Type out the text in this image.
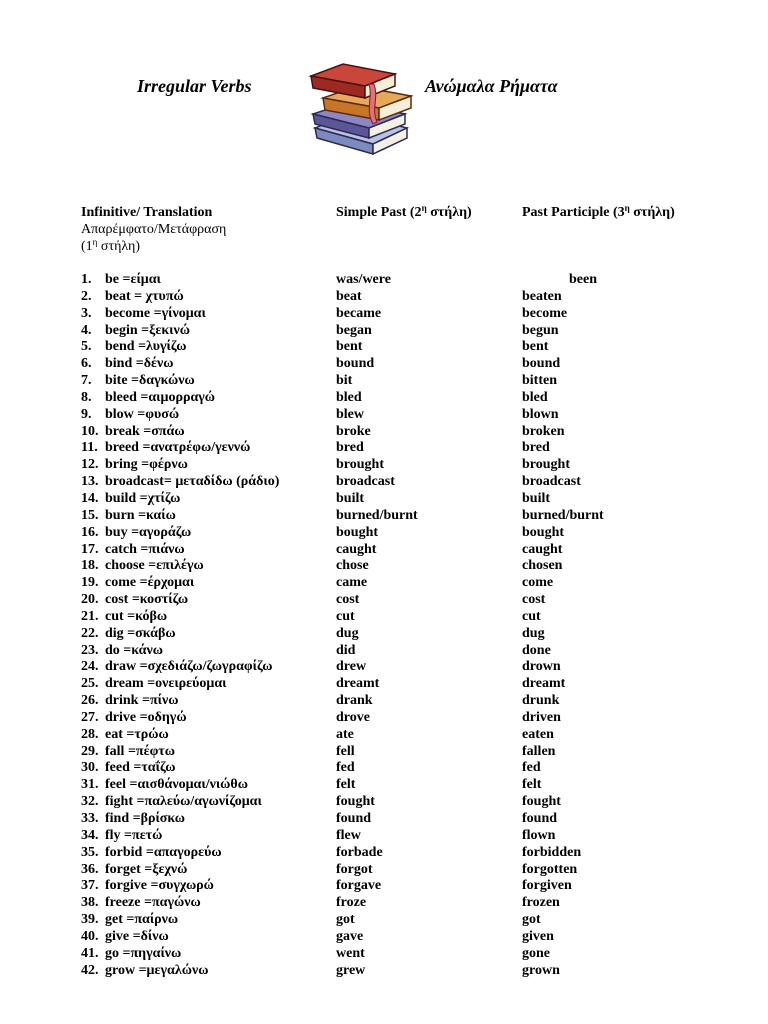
Irregular Verbs	Ανώμαλα Ρήματα
Infinitive/ Translation
Απαρέμφατο/Μετάφραση
($1^\eta$ στήλη)
Simple Past ($2^\eta$ στήλη)	Past Participle ($3^\eta$ στήλη)
1. be =είμαι	was/were	been
2. beat = χτυπώ	beat	beaten
3. become =γίνομαι	became	become
4. begin =ξεκινώ	began	begun
5. bend =λυγίζω	bent	bent
6. bind =δένω	bound	bound
7. bite =δαγκώνω	bit	bitten
8. bleed =αιμορραγώ	bled	bled
9. blow =φυσώ	blew	blown
10. break =σπάω	broke	broken
11. breed =ανατρέφω/γεννώ	bred	bred
12. bring =φέρνω	brought	brought
13. broadcast= μεταδίδω (ράδιο)	broadcast	broadcast
14. build =χτίζω	built	built
15. burn =καίω	burned/burnt	burned/burnt
16. buy =αγοράζω	bought	bought
17. catch =πιάνω	caught	caught
18. choose =επιλέγω	chose	chosen
19. come =έρχομαι	came	come
20. cost =κοστίζω	cost	cost
21. cut =κόβω	cut	cut
22. dig =σκάβω	dug	dug
23. do =κάνω	did	done
24. draw =σχεδιάζω/ζωγραφίζω	drew	drown
25. dream =ονειρεύομαι	dreamt	dreamt
26. drink =πίνω	drank	drunk
27. drive =οδηγώ	drove	driven
28. eat =τρώω	ate	eaten
29. fall =πέφτω	fell	fallen
30. feed =ταΐζω	fed	fed
31. feel =αισθάνομαι/νιώθω	felt	felt
32. fight =παλεύω/αγωνίζομαι	fought	fought
33. find =βρίσκω	found	found
34. fly =πετώ	flew	flown
35. forbid =απαγορεύω	forbade	forbidden
36. forget =ξεχνώ	forgot	forgotten
37. forgive =συγχωρώ	forgave	forgiven
38. freeze =παγώνω	froze	frozen
39. get =παίρνω	got	got
40. give =δίνω	gave	given
41. go =πηγαίνω	went	gone
42. grow =μεγαλώνω	grew	grown
